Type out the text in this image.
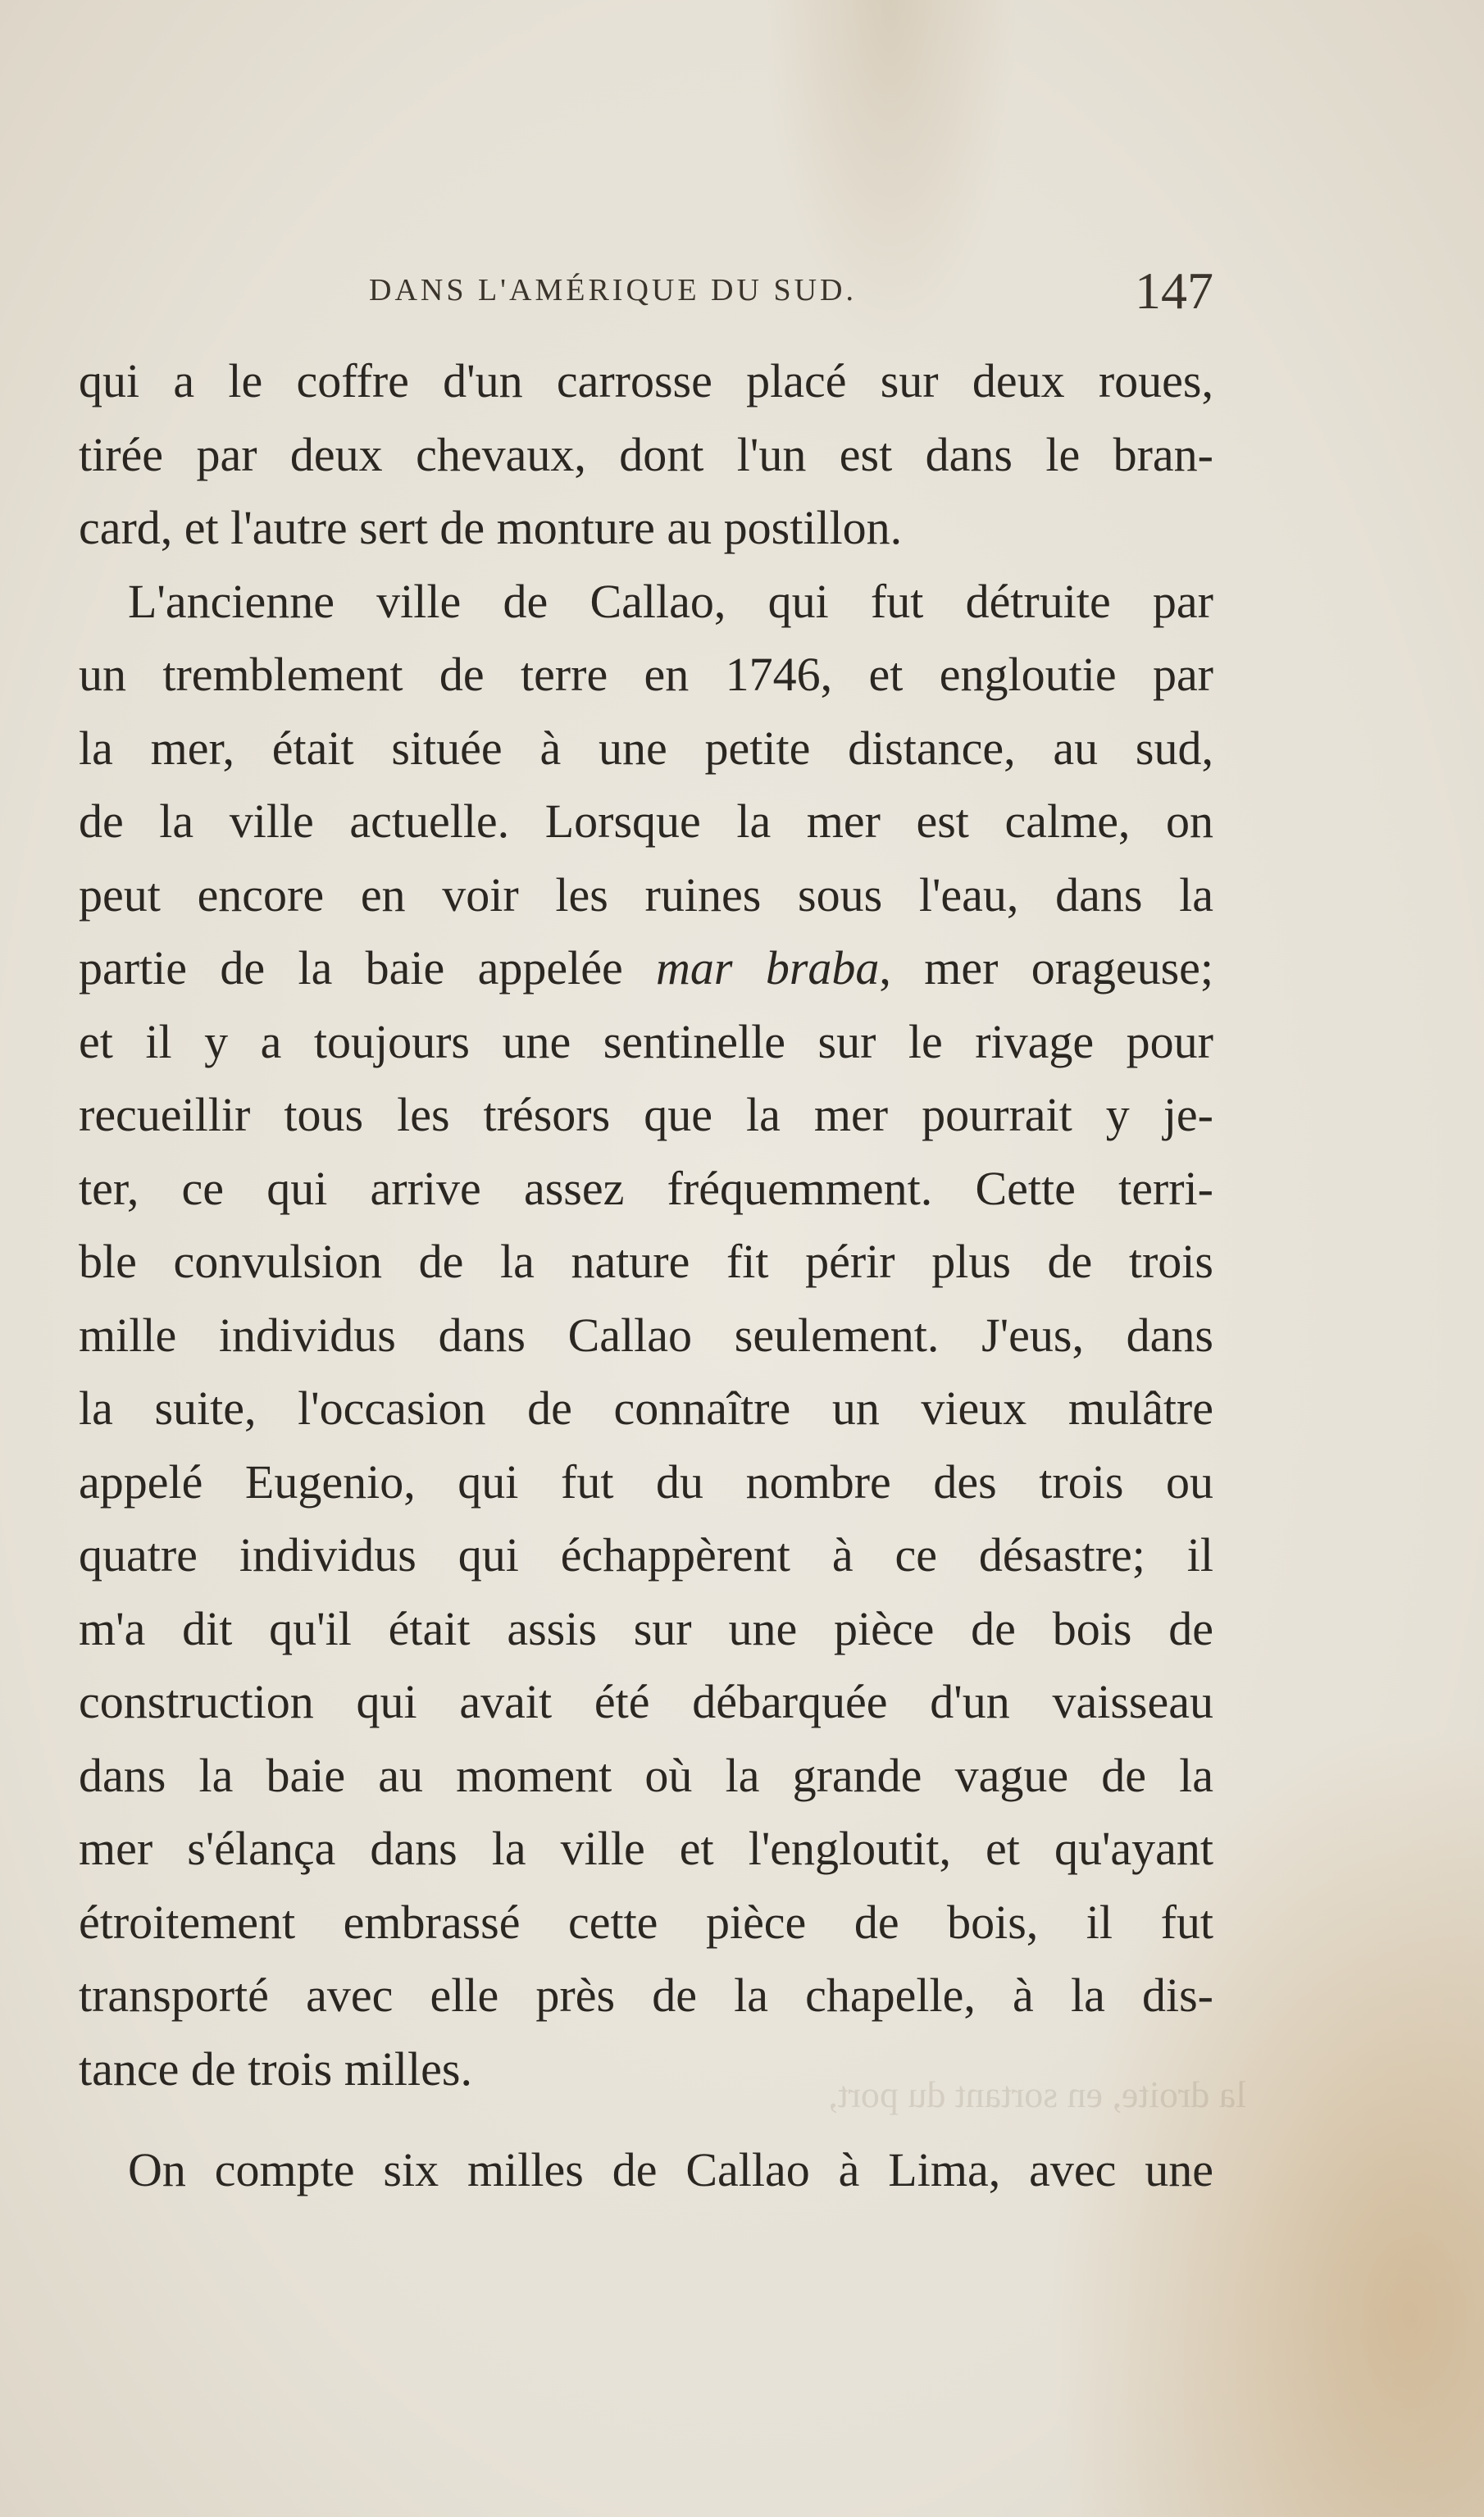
DANS L'AMÉRIQUE DU SUD.	147
qui a le coffre d'un carrosse placé sur deux roues,
tirée par deux chevaux, dont l'un est dans le bran-
card, et l'autre sert de monture au postillon.
L'ancienne ville de Callao, qui fut détruite par
un tremblement de terre en 1746, et engloutie par
la mer, était située à une petite distance, au sud,
de la ville actuelle. Lorsque la mer est calme, on
peut encore en voir les ruines sous l'eau, dans la
partie de la baie appelée mar braba, mer orageuse;
et il y a toujours une sentinelle sur le rivage pour
recueillir tous les trésors que la mer pourrait y je-
ter, ce qui arrive assez fréquemment. Cette terri-
ble convulsion de la nature fit périr plus de trois
mille individus dans Callao seulement. J'eus, dans
la suite, l'occasion de connaître un vieux mulâtre
appelé Eugenio, qui fut du nombre des trois ou
quatre individus qui échappèrent à ce désastre; il
m'a dit qu'il était assis sur une pièce de bois de
construction qui avait été débarquée d'un vaisseau
dans la baie au moment où la grande vague de la
mer s'élança dans la ville et l'engloutit, et qu'ayant
étroitement embrassé cette pièce de bois, il fut
transporté avec elle près de la chapelle, à la dis-
tance de trois milles.
On compte six milles de Callao à Lima, avec une
la droite, en sortant du port,
